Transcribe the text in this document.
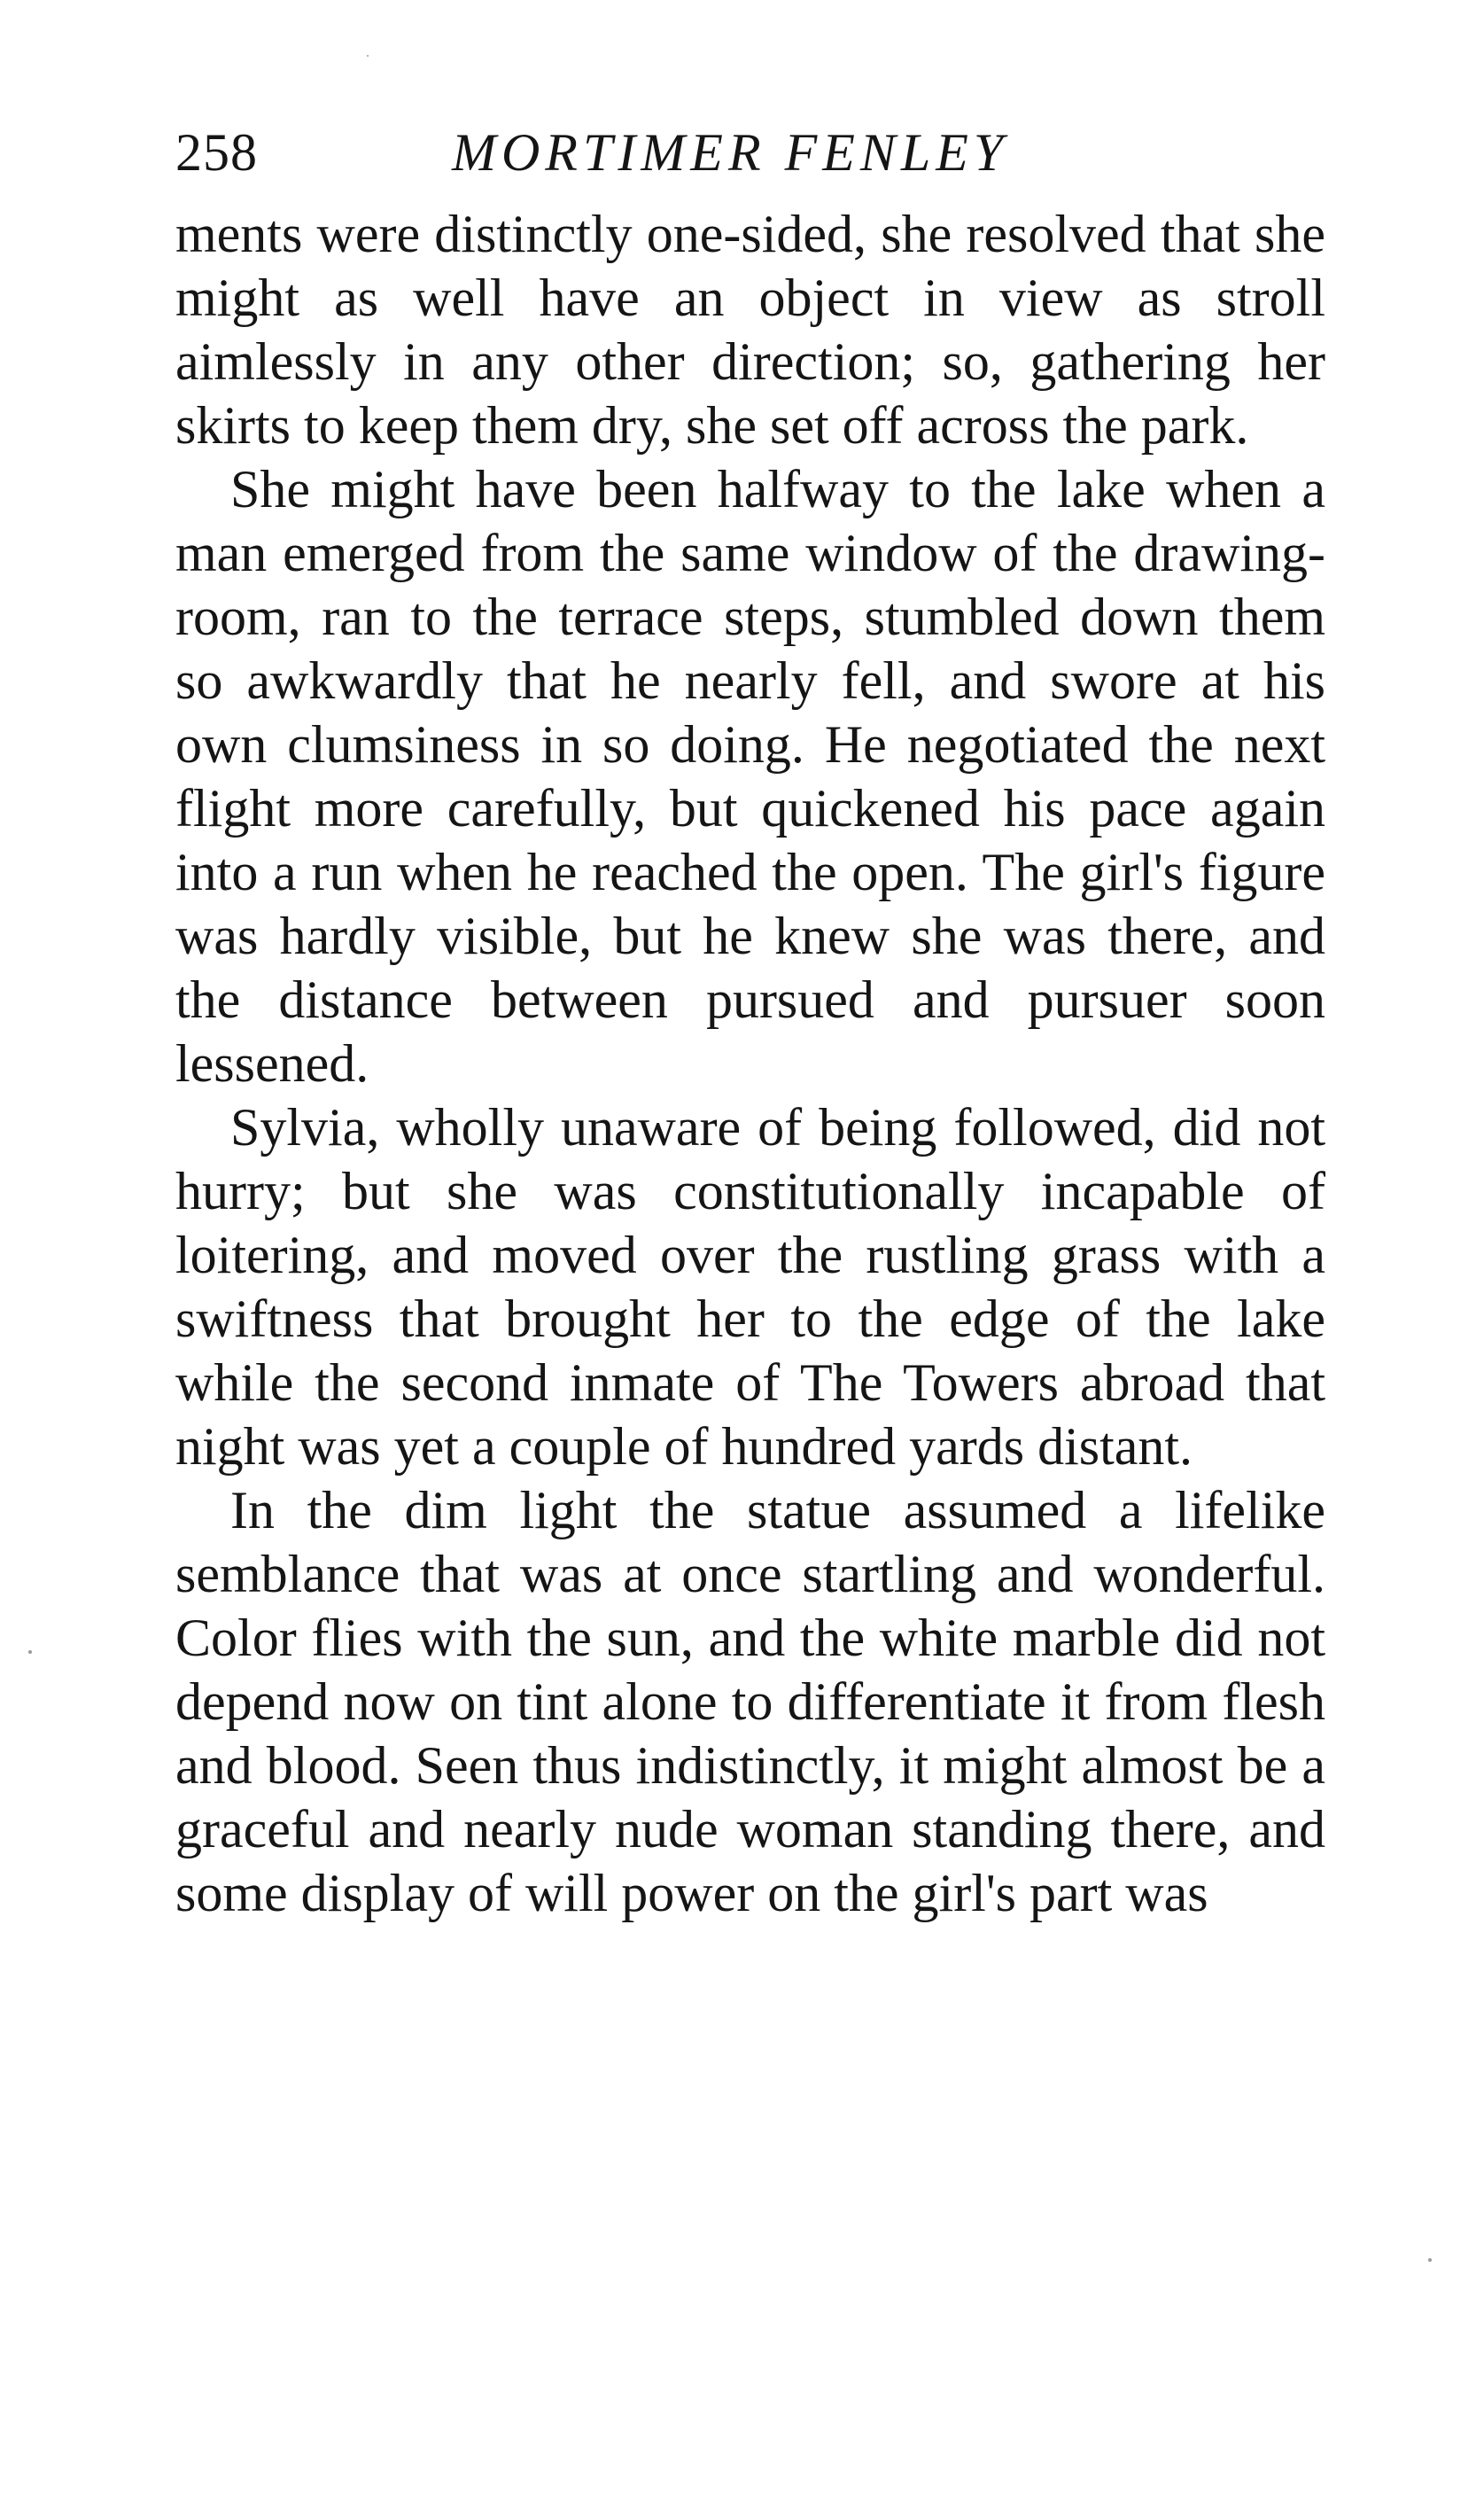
258	MORTIMER FENLEY

ments were distinctly one-sided, she resolved that she might as well have an object in view as stroll aimlessly in any other direction; so, gathering her skirts to keep them dry, she set off across the park.

She might have been halfway to the lake when a man emerged from the same window of the drawing-room, ran to the terrace steps, stumbled down them so awkwardly that he nearly fell, and swore at his own clumsiness in so doing. He negotiated the next flight more carefully, but quickened his pace again into a run when he reached the open. The girl's figure was hardly visible, but he knew she was there, and the distance between pursued and pursuer soon lessened.

Sylvia, wholly unaware of being followed, did not hurry; but she was constitutionally incapable of loitering, and moved over the rustling grass with a swiftness that brought her to the edge of the lake while the second inmate of The Towers abroad that night was yet a couple of hundred yards distant.

In the dim light the statue assumed a lifelike semblance that was at once startling and wonderful. Color flies with the sun, and the white marble did not depend now on tint alone to differentiate it from flesh and blood. Seen thus indistinctly, it might almost be a graceful and nearly nude woman standing there, and some display of will power on the girl's part was
